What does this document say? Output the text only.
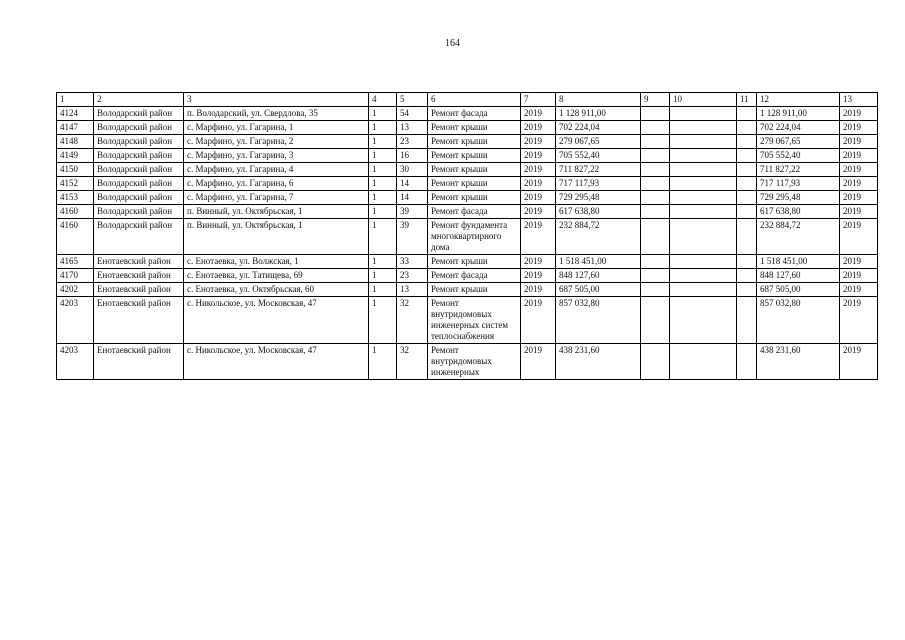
164
1	2	3	4	5	6	7	8	9	10	11	12	13
4124	Володарский район	п. Володарский, ул. Свердлова, 35	1	54	Ремонт фасада	2019	1 128 911,00				1 128 911,00	2019
4147	Володарский район	с. Марфино, ул. Гагарина, 1	1	13	Ремонт крыши	2019	702 224,04				702 224,04	2019
4148	Володарский район	с. Марфино, ул. Гагарина, 2	1	23	Ремонт крыши	2019	279 067,65				279 067,65	2019
4149	Володарский район	с. Марфино, ул. Гагарина, 3	1	16	Ремонт крыши	2019	705 552,40				705 552,40	2019
4150	Володарский район	с. Марфино, ул. Гагарина, 4	1	30	Ремонт крыши	2019	711 827,22				711 827,22	2019
4152	Володарский район	с. Марфино, ул. Гагарина, 6	1	14	Ремонт крыши	2019	717 117,93				717 117,93	2019
4153	Володарский район	с. Марфино, ул. Гагарина, 7	1	14	Ремонт крыши	2019	729 295,48				729 295,48	2019
4160	Володарский район	п. Винный, ул. Октябрьская, 1	1	39	Ремонт фасада	2019	617 638,80				617 638,80	2019
4160	Володарский район	п. Винный, ул. Октябрьская, 1	1	39	Ремонт фундамента многоквартирного дома	2019	232 884,72				232 884,72	2019
4165	Енотаевский район	с. Енотаевка, ул. Волжская, 1	1	33	Ремонт крыши	2019	1 518 451,00				1 518 451,00	2019
4170	Енотаевский район	с. Енотаевка, ул. Татищева, 69	1	23	Ремонт фасада	2019	848 127,60				848 127,60	2019
4202	Енотаевский район	с. Енотаевка, ул. Октябрьская, 60	1	13	Ремонт крыши	2019	687 505,00				687 505,00	2019
4203	Енотаевский район	с. Никольское, ул. Московская, 47	1	32	Ремонт внутридомовых инженерных систем теплоснабжения	2019	857 032,80				857 032,80	2019
4203	Енотаевский район	с. Никольское, ул. Московская, 47	1	32	Ремонт внутридомовых инженерных	2019	438 231,60				438 231,60	2019
